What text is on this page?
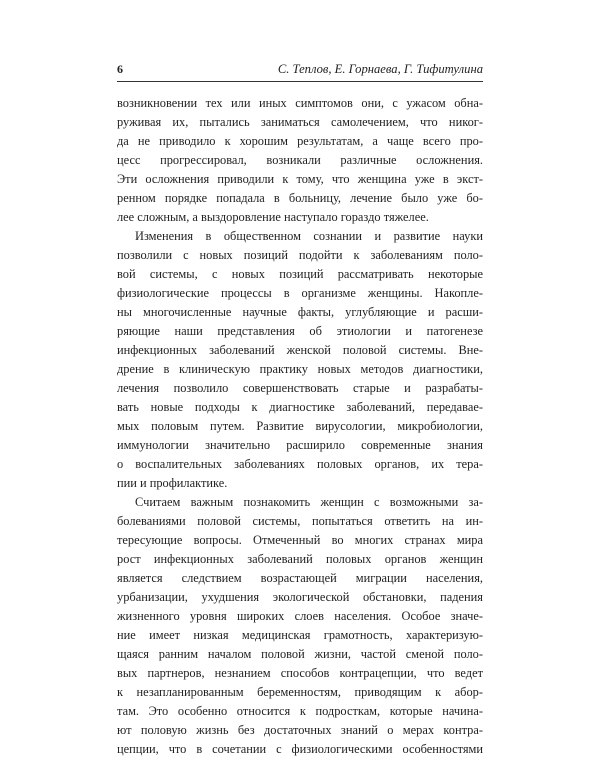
6	С. Теплов, Е. Горнаева, Г. Тифитулина
возникновении тех или иных симптомов они, с ужасом обна-
руживая их, пытались заниматься самолечением, что никог-
да не приводило к хорошим результатам, а чаще всего про-
цесс прогрессировал, возникали различные осложнения.
Эти осложнения приводили к тому, что женщина уже в экст-
ренном порядке попадала в больницу, лечение было уже бо-
лее сложным, а выздоровление наступало гораздо тяжелее.
Изменения в общественном сознании и развитие науки
позволили с новых позиций подойти к заболеваниям поло-
вой системы, с новых позиций рассматривать некоторые
физиологические процессы в организме женщины. Накопле-
ны многочисленные научные факты, углубляющие и расши-
ряющие наши представления об этиологии и патогенезе
инфекционных заболеваний женской половой системы. Вне-
дрение в клиническую практику новых методов диагностики,
лечения позволило совершенствовать старые и разрабаты-
вать новые подходы к диагностике заболеваний, передавае-
мых половым путем. Развитие вирусологии, микробиологии,
иммунологии значительно расширило современные знания
о воспалительных заболеваниях половых органов, их тера-
пии и профилактике.
Считаем важным познакомить женщин с возможными за-
болеваниями половой системы, попытаться ответить на ин-
тересующие вопросы. Отмеченный во многих странах мира
рост инфекционных заболеваний половых органов женщин
является следствием возрастающей миграции населения,
урбанизации, ухудшения экологической обстановки, падения
жизненного уровня широких слоев населения. Особое значе-
ние имеет низкая медицинская грамотность, характеризую-
щаяся ранним началом половой жизни, частой сменой поло-
вых партнеров, незнанием способов контрацепции, что ведет
к незапланированным беременностям, приводящим к абор-
там. Это особенно относится к подросткам, которые начина-
ют половую жизнь без достаточных знаний о мерах контра-
цепции, что в сочетании с физиологическими особенностями
